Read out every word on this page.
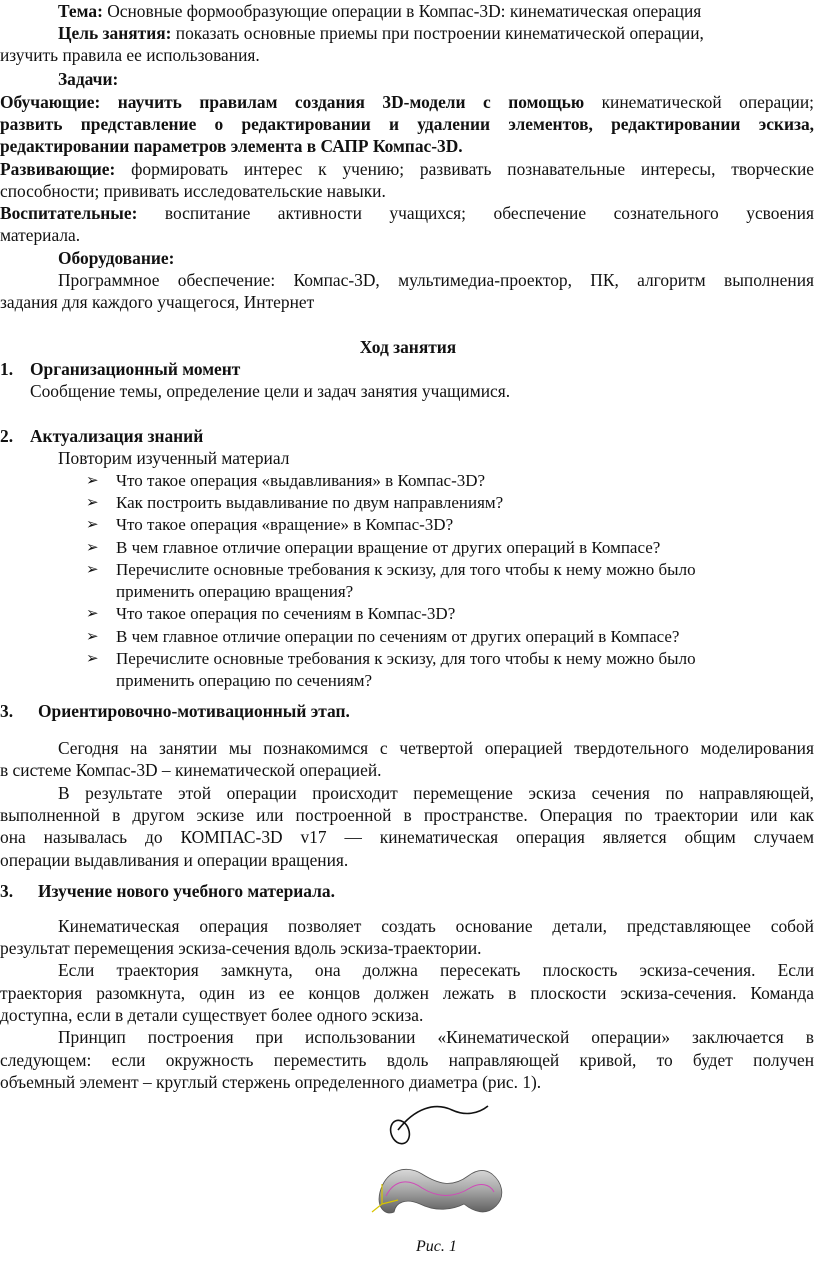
Тема: Основные формообразующие операции в Компас-3D: кинематическая операция
Цель занятия: показать основные приемы при построении кинематической операции,
изучить правила ее использования.
Задачи:
Обучающие: научить правилам создания 3D-модели с помощью кинематической операции;
развить представление о редактировании и удалении элементов, редактировании эскиза,
редактировании параметров элемента в САПР Компас-3D.
Развивающие: формировать интерес к учению; развивать познавательные интересы, творческие
способности; прививать исследовательские навыки.
Воспитательные: воспитание активности учащихся; обеспечение сознательного усвоения
материала.
Оборудование:
Программное обеспечение: Компас-3D, мультимедиа-проектор, ПК, алгоритм выполнения
задания для каждого учащегося, Интернет
Ход занятия
1. Организационный момент
Сообщение темы, определение цели и задач занятия учащимися.
2. Актуализация знаний
Повторим изученный материал
➢ Что такое операция «выдавливания» в Компас-3D?
➢ Как построить выдавливание по двум направлениям?
➢ Что такое операция «вращение» в Компас-3D?
➢ В чем главное отличие операции вращение от других операций в Компасе?
➢ Перечислите основные требования к эскизу, для того чтобы к нему можно было
применить операцию вращения?
➢ Что такое операция по сечениям в Компас-3D?
➢ В чем главное отличие операции по сечениям от других операций в Компасе?
➢ Перечислите основные требования к эскизу, для того чтобы к нему можно было
применить операцию по сечениям?
3. Ориентировочно-мотивационный этап.
Сегодня на занятии мы познакомимся с четвертой операцией твердотельного моделирования
в системе Компас-3D – кинематической операцией.
В результате этой операции происходит перемещение эскиза сечения по направляющей,
выполненной в другом эскизе или построенной в пространстве. Операция по траектории или как
она называлась до КОМПАС-3D v17 — кинематическая операция является общим случаем
операции выдавливания и операции вращения.
3. Изучение нового учебного материала.
Кинематическая операция позволяет создать основание детали, представляющее собой
результат перемещения эскиза-сечения вдоль эскиза-траектории.
Если траектория замкнута, она должна пересекать плоскость эскиза-сечения. Если
траектория разомкнута, один из ее концов должен лежать в плоскости эскиза-сечения. Команда
доступна, если в детали существует более одного эскиза.
Принцип построения при использовании «Кинематической операции» заключается в
следующем: если окружность переместить вдоль направляющей кривой, то будет получен
объемный элемент – круглый стержень определенного диаметра (рис. 1).
Рис. 1
